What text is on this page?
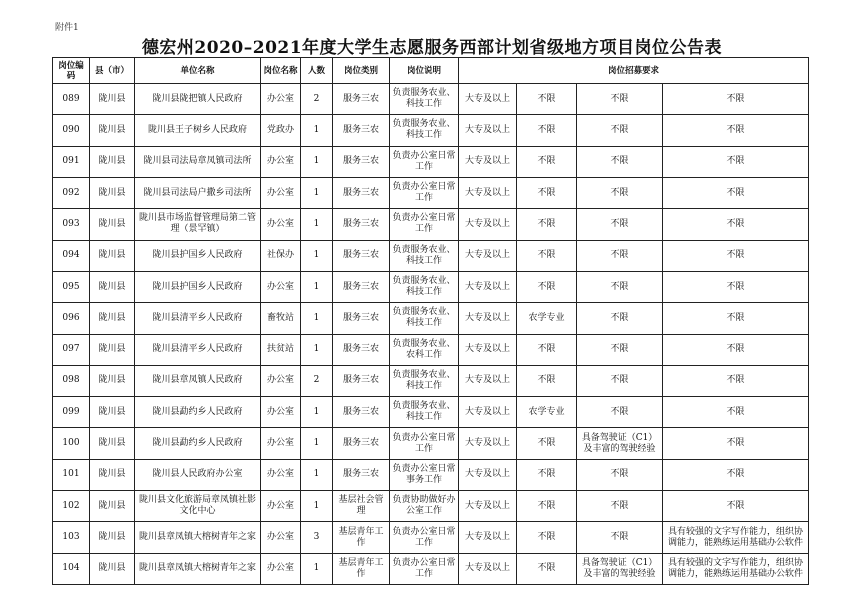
附件1
德宏州2020–2021年度大学生志愿服务西部计划省级地方项目岗位公告表
岗位编码	县（市）	单位名称	岗位名称	人数	岗位类别	岗位说明	岗位招募要求			
089	陇川县	陇川县陇把镇人民政府	办公室	2	服务三农	负责服务农业、科技工作	大专及以上	不限	不限	不限
090	陇川县	陇川县王子树乡人民政府	党政办	1	服务三农	负责服务农业、科技工作	大专及以上	不限	不限	不限
091	陇川县	陇川县司法局章凤镇司法所	办公室	1	服务三农	负责办公室日常工作	大专及以上	不限	不限	不限
092	陇川县	陇川县司法局户撒乡司法所	办公室	1	服务三农	负责办公室日常工作	大专及以上	不限	不限	不限
093	陇川县	陇川县市场监督管理局第二管理（景罕镇）	办公室	1	服务三农	负责办公室日常工作	大专及以上	不限	不限	不限
094	陇川县	陇川县护国乡人民政府	社保办	1	服务三农	负责服务农业、科技工作	大专及以上	不限	不限	不限
095	陇川县	陇川县护国乡人民政府	办公室	1	服务三农	负责服务农业、科技工作	大专及以上	不限	不限	不限
096	陇川县	陇川县清平乡人民政府	畜牧站	1	服务三农	负责服务农业、科技工作	大专及以上	农学专业	不限	不限
097	陇川县	陇川县清平乡人民政府	扶贫站	1	服务三农	负责服务农业、农科工作	大专及以上	不限	不限	不限
098	陇川县	陇川县章凤镇人民政府	办公室	2	服务三农	负责服务农业、科技工作	大专及以上	不限	不限	不限
099	陇川县	陇川县勐约乡人民政府	办公室	1	服务三农	负责服务农业、科技工作	大专及以上	农学专业	不限	不限
100	陇川县	陇川县勐约乡人民政府	办公室	1	服务三农	负责办公室日常工作	大专及以上	不限	具备驾驶证（C1）及丰富的驾驶经验	不限
101	陇川县	陇川县人民政府办公室	办公室	1	服务三农	负责办公室日常事务工作	大专及以上	不限	不限	不限
102	陇川县	陇川县文化旅游局章凤镇社影文化中心	办公室	1	基层社会管理	负责协助做好办公室工作	大专及以上	不限	不限	不限
103	陇川县	陇川县章凤镇大榕树青年之家	办公室	3	基层青年工作	负责办公室日常工作	大专及以上	不限	不限	具有较强的文字写作能力，组织协调能力，能熟练运用基础办公软件
104	陇川县	陇川县章凤镇大榕树青年之家	办公室	1	基层青年工作	负责办公室日常工作	大专及以上	不限	具备驾驶证（C1）及丰富的驾驶经验	具有较强的文字写作能力，组织协调能力，能熟练运用基础办公软件
